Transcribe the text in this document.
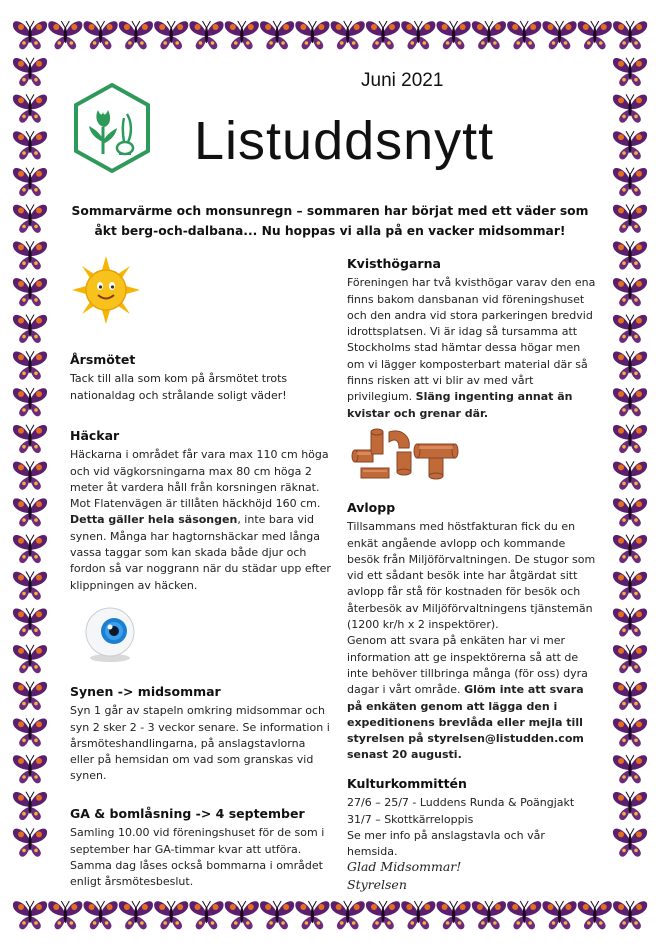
Juni 2021
Listuddsnytt
Sommarvärme och monsunregn – sommaren har börjat med ett väder som
åkt berg-och-dalbana... Nu hoppas vi alla på en vacker midsommar!
Årsmötet

Tack till alla som kom på årsmötet trots nationaldag och strålande soligt väder!

Häckar

Häckarna i området får vara max 110 cm höga och vid vägkorsningarna max 80 cm höga 2 meter åt vardera håll från korsningen räknat. Mot Flatenvägen är tillåten häckhöjd 160 cm. Detta gäller hela säsongen, inte bara vid synen. Många har hagtornshäckar med långa vassa taggar som kan skada både djur och fordon så var noggrann när du städar upp efter klippningen av häcken.

Synen -> midsommar

Syn 1 går av stapeln omkring midsommar och syn 2 sker 2 - 3 veckor senare. Se information i årsmöteshandlingarna, på anslagstavlorna eller på hemsidan om vad som granskas vid synen.

GA & bomlåsning -> 4 september

Samling 10.00 vid föreningshuset för de som i september har GA-timmar kvar att utföra. Samma dag låses också bommarna i området enligt årsmötesbeslut.

Kvisthögarna

Föreningen har två kvisthögar varav den ena finns bakom dansbanan vid föreningshuset och den andra vid stora parkeringen bredvid idrottsplatsen. Vi är idag så tursamma att Stockholms stad hämtar dessa högar men om vi lägger komposterbart material där så finns risken att vi blir av med vårt privilegium. Släng ingenting annat än kvistar och grenar där.

Avlopp

Tillsammans med höstfakturan fick du en enkät angående avlopp och kommande besök från Miljöförvaltningen. De stugor som vid ett sådant besök inte har åtgärdat sitt avlopp får stå för kostnaden för besök och återbesök av Miljöförvaltningens tjänstemän (1200 kr/h x 2 inspektörer).

Genom att svara på enkäten har vi mer information att ge inspektörerna så att de inte behöver tillbringa många (för oss) dyra dagar i vårt område. Glöm inte att svara på enkäten genom att lägga den i expeditionens brevlåda eller mejla till styrelsen på styrelsen@listudden.com senast 20 augusti.

Kulturkommittén

27/6 – 25/7 - Luddens Runda & Poängjakt

31/7 – Skottkärreloppis

Se mer info på anslagstavla och vår hemsida.

Glad Midsommar!
Styrelsen
